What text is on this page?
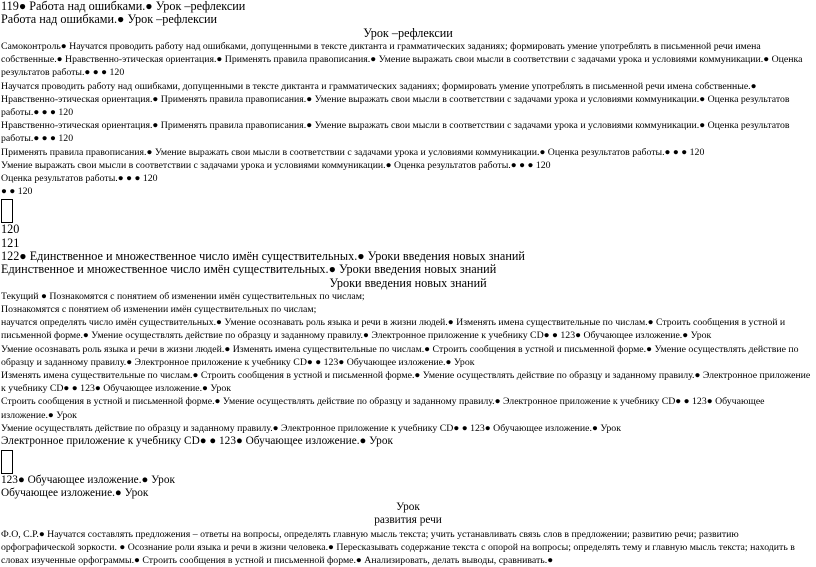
119● Работа над ошибками.● Урок –рефлексии
Работа над ошибками.● Урок –рефлексии
Урок –рефлексии
Самоконтроль● Научатся проводить работу над ошибками, допущенными в тексте диктанта и грамматических заданиях; формировать умение употреблять в письменной речи имена собственные.● Нравственно-этическая ориентация.● Применять правила правописания.● Умение выражать свои мысли в соответствии с задачами урока и условиями коммуникации.● Оценка результатов работы.● ● ● 120
Научатся проводить работу над ошибками, допущенными в тексте диктанта и грамматических заданиях; формировать умение употреблять в письменной речи имена собственные.● Нравственно-этическая ориентация.● Применять правила правописания.● Умение выражать свои мысли в соответствии с задачами урока и условиями коммуникации.● Оценка результатов работы.● ● ● 120
Нравственно-этическая ориентация.● Применять правила правописания.● Умение выражать свои мысли в соответствии с задачами урока и условиями коммуникации.● Оценка результатов работы.● ● ● 120
Применять правила правописания.● Умение выражать свои мысли в соответствии с задачами урока и условиями коммуникации.● Оценка результатов работы.● ● ● 120
Умение выражать свои мысли в соответствии с задачами урока и условиями коммуникации.● Оценка результатов работы.● ● ● 120
Оценка результатов работы.● ● ● 120
● ● 120
120
121
122● Единственное и множественное число имён существительных.● Уроки введения новых знаний
Единственное и множественное число имён существительных.● Уроки введения новых знаний
Уроки введения новых знаний
Текущий ● Познакомятся с понятием об изменении имён существительных по числам;
Познакомятся с понятием об изменении имён существительных по числам;
научатся определять число имён существительных.● Умение осознавать роль языка и речи в жизни людей.● Изменять имена существительные по числам.● Строить сообщения в устной и письменной форме.● Умение осуществлять действие по образцу и заданному правилу.● Электронное приложение к учебнику CD● ● 123● Обучающее изложение.● Урок
Умение осознавать роль языка и речи в жизни людей.● Изменять имена существительные по числам.● Строить сообщения в устной и письменной форме.● Умение осуществлять действие по образцу и заданному правилу.● Электронное приложение к учебнику CD● ● 123● Обучающее изложение.● Урок
Изменять имена существительные по числам.● Строить сообщения в устной и письменной форме.● Умение осуществлять действие по образцу и заданному правилу.● Электронное приложение к учебнику CD● ● 123● Обучающее изложение.● Урок
Строить сообщения в устной и письменной форме.● Умение осуществлять действие по образцу и заданному правилу.● Электронное приложение к учебнику CD● ● 123● Обучающее изложение.● Урок
Умение осуществлять действие по образцу и заданному правилу.● Электронное приложение к учебнику CD● ● 123● Обучающее изложение.● Урок
Электронное приложение к учебнику CD● ● 123● Обучающее изложение.● Урок
123● Обучающее изложение.● Урок
Обучающее изложение.● Урок
Урок
развития речи
Ф.О, С.Р.● Научатся составлять предложения – ответы на вопросы, определять главную мысль текста; учить устанавливать связь слов в предложении; развитию речи; развитию орфографической зоркости. ● Осознание роли языка и речи в жизни человека.● Пересказывать содержание текста с опорой на вопросы; определять тему и главную мысль текста; находить в словах изученные орфограммы.● Строить сообщения в устной и письменной форме.● Анализировать, делать выводы, сравнивать.●
